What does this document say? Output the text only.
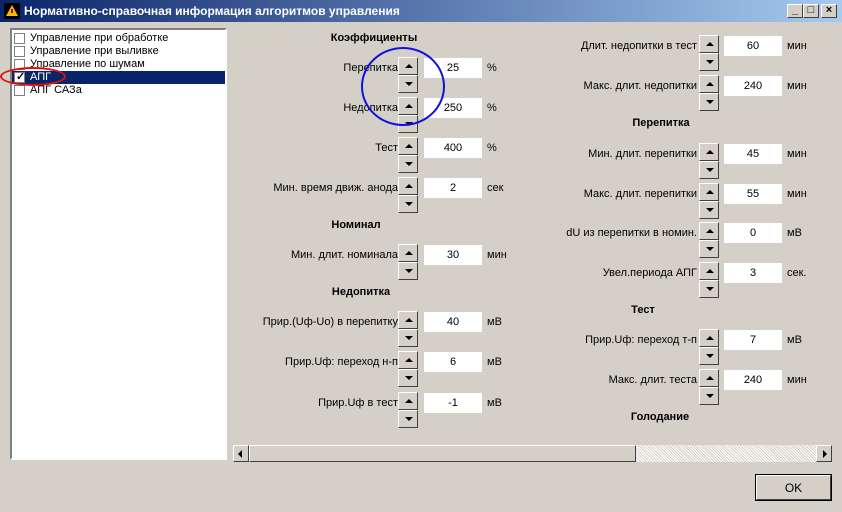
Нормативно-справочная информация алгоритмов управления	_ □	×
Управление при обработке
Управление при выливке
Управление по шумам
✓ АПГ
АПГ САЗа
Коэффициенты
Перепитка
25	%
Недопитка
250	%
Тест
400	%
Мин. время движ. анода
2	сек
Номинал
Мин. длит. номинала
30	мин
Недопитка
Прир.(Uф-Uo) в перепитку
40	мВ
Прир.Uф: переход н-п
6	мВ
Прир.Uф в тест
-1	мВ
Длит. недопитки в тест
60	мин
Макс. длит. недопитки
240	мин
Перепитка
Мин. длит. перепитки
45	мин
Макс. длит. перепитки
55	мин
dU из перепитки в номин.
0	мВ
Увел.периода АПГ
3	сек.
Тест
Прир.Uф: переход т-п
7	мВ
Макс. длит. теста
240	мин
Голодание
OK
